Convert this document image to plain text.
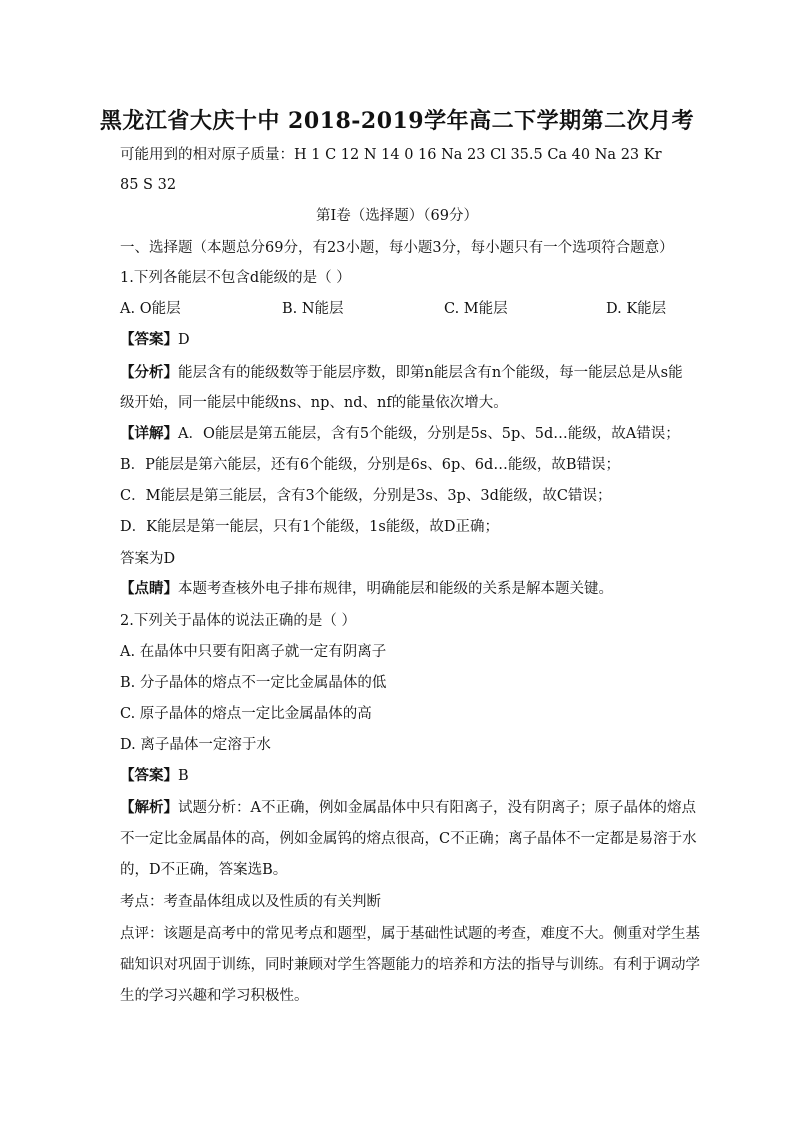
黑龙江省大庆十中 2018-2019学年高二下学期第二次月考
可能用到的相对原子质量：H 1 C 12 N 14 0 16 Na 23 Cl 35.5 Ca 40 Na 23 Kr
85 S 32
第Ⅰ卷（选择题）（69分）
一、选择题（本题总分69分，有23小题，每小题3分，每小题只有一个选项符合题意）
1.下列各能层不包含d能级的是（ ）
A. O能层	B. N能层	C. M能层	D. K能层
【答案】D
【分析】能层含有的能级数等于能层序数，即第n能层含有n个能级，每一能层总是从s能
级开始，同一能层中能级ns、np、nd、nf的能量依次增大。
【详解】A．O能层是第五能层，含有5个能级，分别是5s、5p、5d…能级，故A错误；
B．P能层是第六能层，还有6个能级，分别是6s、6p、6d…能级，故B错误；
C．M能层是第三能层，含有3个能级，分别是3s、3p、3d能级，故C错误；
D．K能层是第一能层，只有1个能级，1s能级，故D正确；
答案为D
【点睛】本题考查核外电子排布规律，明确能层和能级的关系是解本题关键。
2.下列关于晶体的说法正确的是（ ）
A. 在晶体中只要有阳离子就一定有阴离子
B. 分子晶体的熔点不一定比金属晶体的低
C. 原子晶体的熔点一定比金属晶体的高
D. 离子晶体一定溶于水
【答案】B
【解析】试题分析：A不正确，例如金属晶体中只有阳离子，没有阴离子；原子晶体的熔点
不一定比金属晶体的高，例如金属钨的熔点很高，C不正确；离子晶体不一定都是易溶于水
的，D不正确，答案选B。
考点：考查晶体组成以及性质的有关判断
点评：该题是高考中的常见考点和题型，属于基础性试题的考查，难度不大。侧重对学生基
础知识对巩固于训练，同时兼顾对学生答题能力的培养和方法的指导与训练。有利于调动学
生的学习兴趣和学习积极性。
